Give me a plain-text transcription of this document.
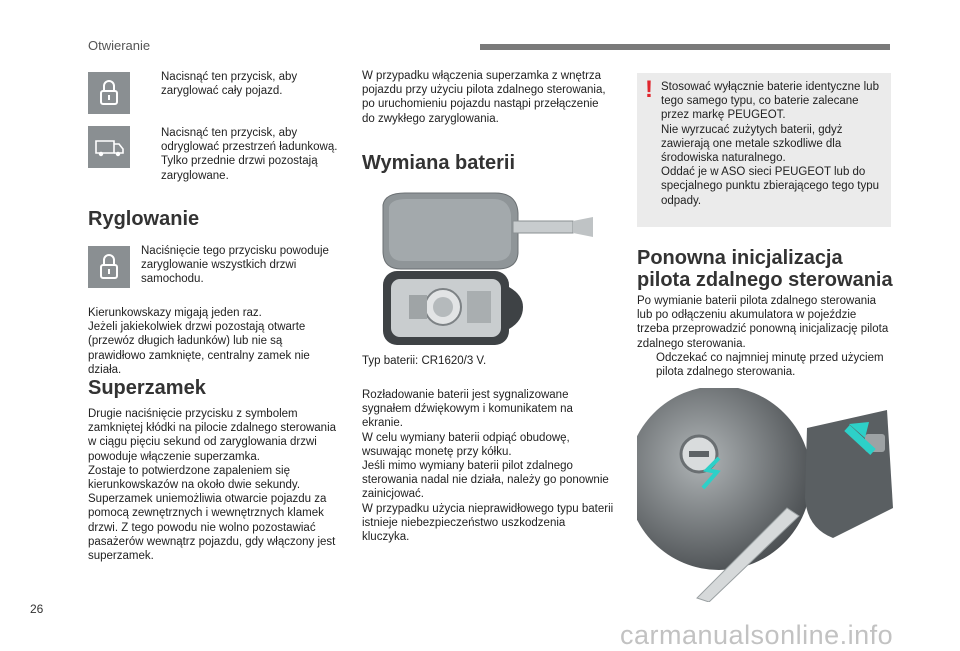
Otwieranie

Nacisnąć ten przycisk, aby zaryglować cały pojazd.

Nacisnąć ten przycisk, aby odryglować przestrzeń ładunkową. Tylko przednie drzwi pozostają zaryglowane.

Ryglowanie

Naciśnięcie tego przycisku powoduje zaryglowanie wszystkich drzwi samochodu.

Kierunkowskazy migają jeden raz.
Jeżeli jakiekolwiek drzwi pozostają otwarte (przewóz długich ładunków) lub nie są prawidłowo zamknięte, centralny zamek nie działa.

Superzamek

Drugie naciśnięcie przycisku z symbolem zamkniętej kłódki na pilocie zdalnego sterowania w ciągu pięciu sekund od zaryglowania drzwi powoduje włączenie superzamka.
Zostaje to potwierdzone zapaleniem się kierunkowskazów na około dwie sekundy.
Superzamek uniemożliwia otwarcie pojazdu za pomocą zewnętrznych i wewnętrznych klamek drzwi. Z tego powodu nie wolno pozostawiać pasażerów wewnątrz pojazdu, gdy włączony jest superzamek.

W przypadku włączenia superzamka z wnętrza pojazdu przy użyciu pilota zdalnego sterowania, po uruchomieniu pojazdu nastąpi przełączenie do zwykłego zaryglowania.

Wymiana baterii

Typ baterii: CR1620/3 V.

Rozładowanie baterii jest sygnalizowane sygnałem dźwiękowym i komunikatem na ekranie.
W celu wymiany baterii odpiąć obudowę, wsuwając monetę przy kółku.
Jeśli mimo wymiany baterii pilot zdalnego sterowania nadal nie działa, należy go ponownie zainicjować.
W przypadku użycia nieprawidłowego typu baterii istnieje niebezpieczeństwo uszkodzenia kluczyka.

! Stosować wyłącznie baterie identyczne lub tego samego typu, co baterie zalecane przez markę PEUGEOT.
Nie wyrzucać zużytych baterii, gdyż zawierają one metale szkodliwe dla środowiska naturalnego.
Oddać je w ASO sieci PEUGEOT lub do specjalnego punktu zbierającego tego typu odpady.

Ponowna inicjalizacja pilota zdalnego sterowania

Po wymianie baterii pilota zdalnego sterowania lub po odłączeniu akumulatora w pojeździe trzeba przeprowadzić ponowną inicjalizację pilota zdalnego sterowania.

Odczekać co najmniej minutę przed użyciem pilota zdalnego sterowania.

26
carmanualsonline.info
